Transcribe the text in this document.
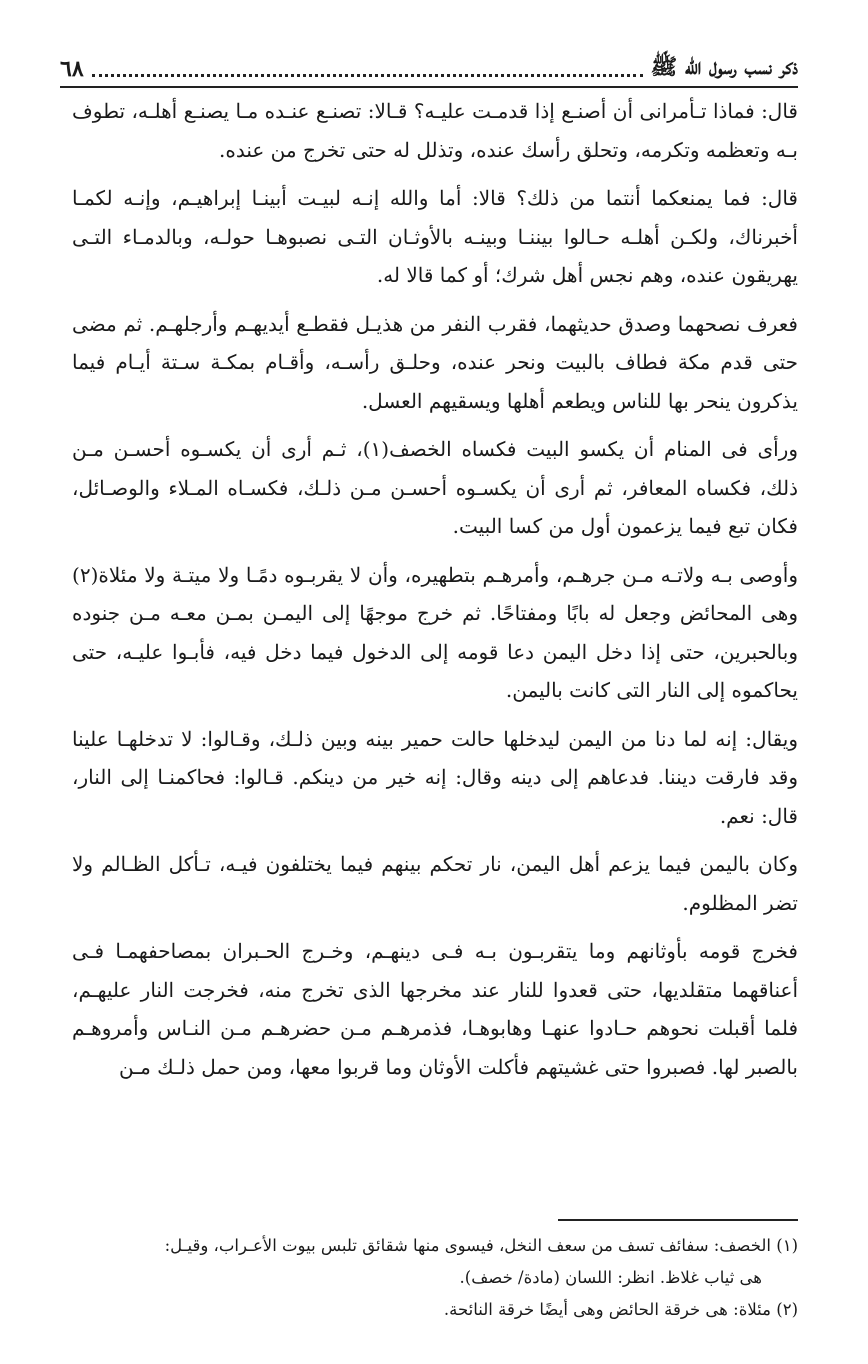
ذكر نسب رسول الله ﷺ
٦٨

قال: فماذا تـأمرانى أن أصنـع إذا قدمـت عليـه؟ قـالا: تصنـع عنـده مـا يصنـع أهلـه، تطوف بـه وتعظمه وتكرمه، وتحلق رأسك عنده، وتذلل له حتى تخرج من عنده.

قال: فما يمنعكما أنتما من ذلك؟ قالا: أما والله إنـه لبيـت أبينـا إبراهيـم، وإنـه لكمـا أخبرناك، ولكـن أهلـه حـالوا بيننـا وبينـه بالأوثـان التـى نصبوهـا حولـه، وبالدمـاء التـى يهريقون عنده، وهم نجس أهل شرك؛ أو كما قالا له.

فعرف نصحهما وصدق حديثهما، فقرب النفر من هذيـل فقطـع أيديهـم وأرجلهـم. ثم مضى حتى قدم مكة فطاف بالبيت ونحر عنده، وحلـق رأسـه، وأقـام بمكـة سـتة أيـام فيما يذكرون ينحر بها للناس ويطعم أهلها ويسقيهم العسل.

ورأى فى المنام أن يكسو البيت فكساه الخصف(١)، ثـم أرى أن يكسـوه أحسـن مـن ذلك، فكساه المعافر، ثم أرى أن يكسـوه أحسـن مـن ذلـك، فكسـاه المـلاء والوصـائل، فكان تبع فيما يزعمون أول من كسا البيت.

وأوصى بـه ولاتـه مـن جرهـم، وأمرهـم بتطهيره، وأن لا يقربـوه دمًـا ولا ميتـة ولا مئلاة(٢) وهى المحائض وجعل له بابًا ومفتاحًا. ثم خرج موجهًا إلى اليمـن بمـن معـه مـن جنوده وبالحبرين، حتى إذا دخل اليمن دعا قومه إلى الدخول فيما دخل فيه، فأبـوا عليـه، حتى يحاكموه إلى النار التى كانت باليمن.

ويقال: إنه لما دنا من اليمن ليدخلها حالت حمير بينه وبين ذلـك، وقـالوا: لا تدخلهـا علينا وقد فارقت ديننا. فدعاهم إلى دينه وقال: إنه خير من دينكم. قـالوا: فحاكمنـا إلى النار، قال: نعم.

وكان باليمن فيما يزعم أهل اليمن، نار تحكم بينهم فيما يختلفون فيـه، تـأكل الظـالم ولا تضر المظلوم.

فخرج قومه بأوثانهم وما يتقربـون بـه فـى دينهـم، وخـرج الحـبران بمصاحفهمـا فـى أعناقهما متقلديها، حتى قعدوا للنار عند مخرجها الذى تخرج منه، فخرجت النار عليهـم، فلما أقبلت نحوهم حـادوا عنهـا وهابوهـا، فذمرهـم مـن حضرهـم مـن النـاس وأمروهـم بالصبر لها. فصبروا حتى غشيتهم فأكلت الأوثان وما قربوا معها، ومن حمل ذلـك مـن

(١) الخصف: سفائف تسف من سعف النخل، فيسوى منها شقائق تلبس بيوت الأعـراب، وقيـل:
هى ثياب غلاظ. انظر: اللسان (مادة/ خصف).
(٢) مئلاة: هى خرقة الحائض وهى أيضًا خرقة النائحة.
